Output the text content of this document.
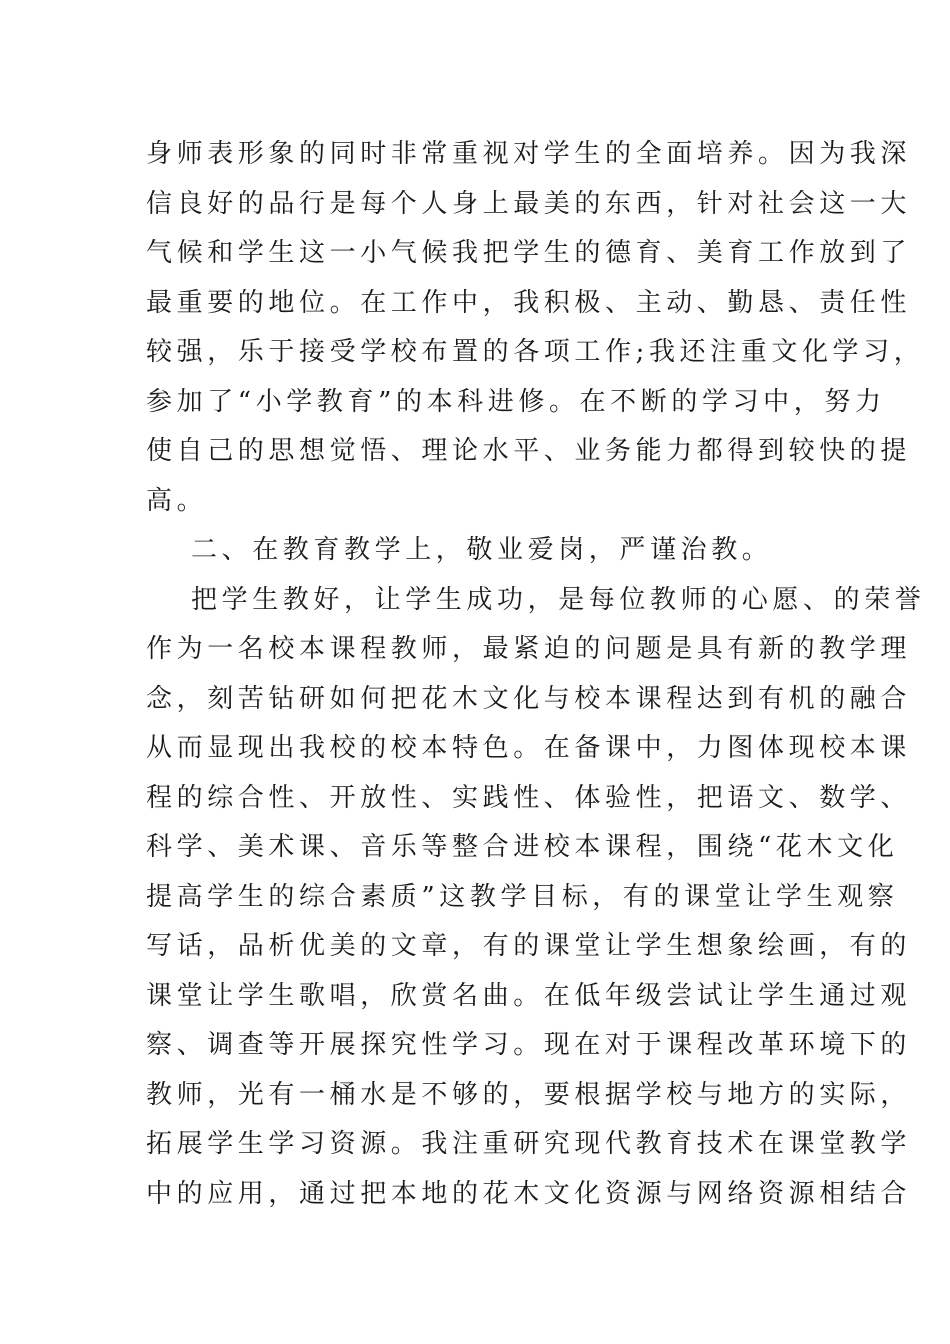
身师表形象的同时非常重视对学生的全面培养。因为我深
信良好的品行是每个人身上最美的东西，针对社会这一大
气候和学生这一小气候我把学生的德育、美育工作放到了
最重要的地位。在工作中，我积极、主动、勤恳、责任性
较强，乐于接受学校布置的各项工作;我还注重文化学习，
参加了“小学教育”的本科进修。在不断的学习中，努力
使自己的思想觉悟、理论水平、业务能力都得到较快的提
高。
二、在教育教学上，敬业爱岗，严谨治教。
把学生教好，让学生成功，是每位教师的心愿、的荣誉
作为一名校本课程教师，最紧迫的问题是具有新的教学理
念，刻苦钻研如何把花木文化与校本课程达到有机的融合
从而显现出我校的校本特色。在备课中，力图体现校本课
程的综合性、开放性、实践性、体验性，把语文、数学、
科学、美术课、音乐等整合进校本课程，围绕“花木文化
提高学生的综合素质”这教学目标，有的课堂让学生观察
写话，品析优美的文章，有的课堂让学生想象绘画，有的
课堂让学生歌唱，欣赏名曲。在低年级尝试让学生通过观
察、调查等开展探究性学习。现在对于课程改革环境下的
教师，光有一桶水是不够的，要根据学校与地方的实际，
拓展学生学习资源。我注重研究现代教育技术在课堂教学
中的应用，通过把本地的花木文化资源与网络资源相结合
